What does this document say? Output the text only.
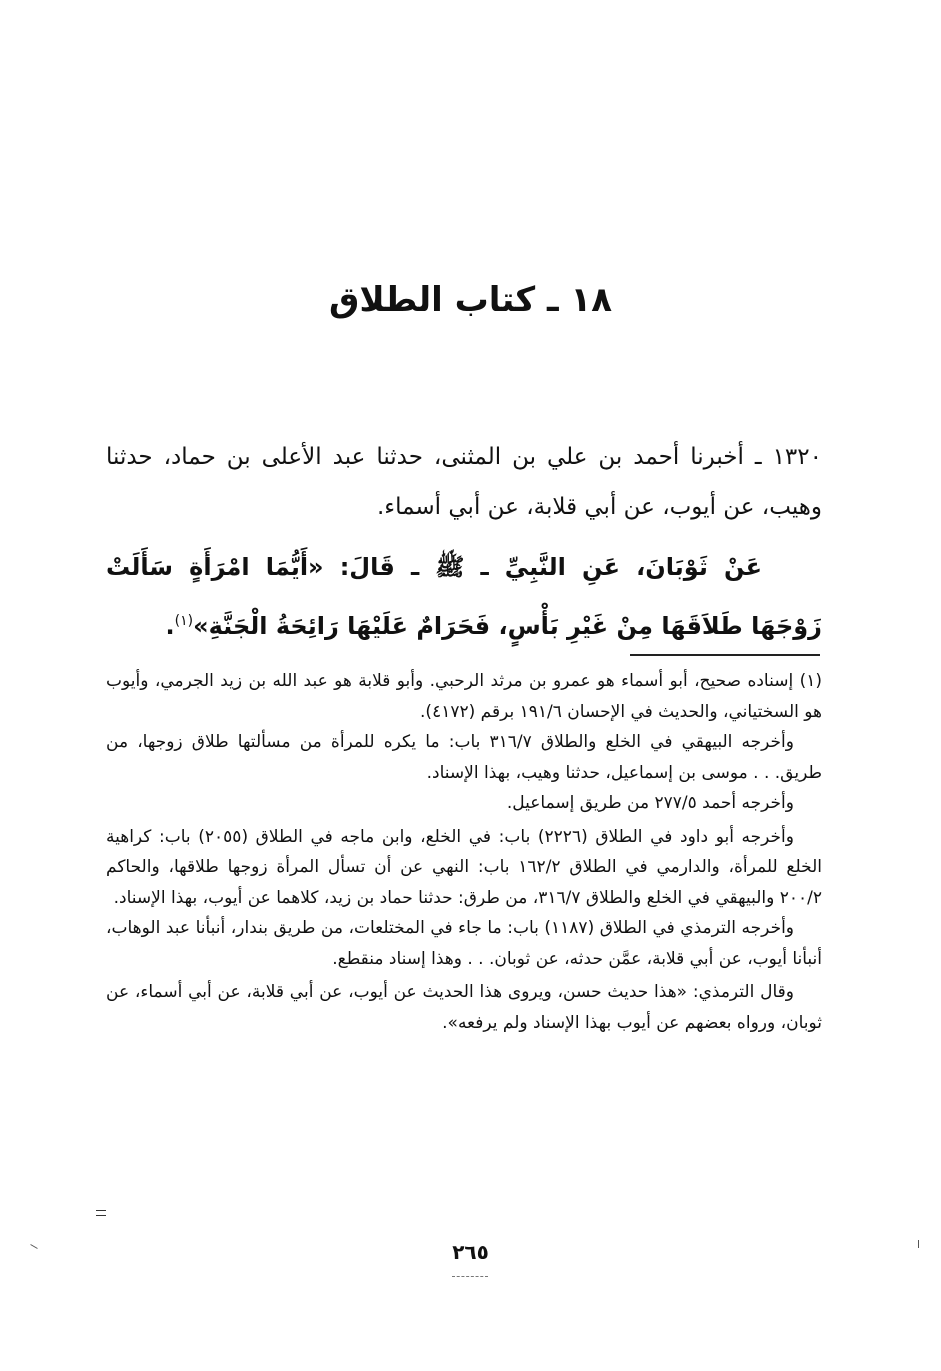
١٨ ـ كتاب الطلاق

١٣٢٠ ـ أخبرنا أحمد بن علي بن المثنى، حدثنا عبد الأعلى بن حماد، حدثنا وهيب، عن أيوب، عن أبي قلابة، عن أبي أسماء.

عَنْ ثَوْبَانَ، عَنِ النَّبِيِّ ـ ﷺ ـ قَالَ: «أَيُّمَا امْرَأَةٍ سَأَلَتْ زَوْجَهَا طَلاَقَهَا مِنْ غَيْرِ بَأْسٍ، فَحَرَامٌ عَلَيْهَا رَائِحَةُ الْجَنَّةِ»$^{(١)}$.

(١) إسناده صحيح، أبو أسماء هو عمرو بن مرثد الرحبي. وأبو قلابة هو عبد الله بن زيد الجرمي، وأيوب هو السختياني، والحديث في الإحسان ١٩١/٦ برقم (٤١٧٢).

وأخرجه البيهقي في الخلع والطلاق ٣١٦/٧ باب: ما يكره للمرأة من مسألتها طلاق زوجها، من طريق. . . موسى بن إسماعيل، حدثنا وهيب، بهذا الإسناد.

وأخرجه أحمد ٢٧٧/٥ من طريق إسماعيل.

وأخرجه أبو داود في الطلاق (٢٢٢٦) باب: في الخلع، وابن ماجه في الطلاق (٢٠٥٥) باب: كراهية الخلع للمرأة، والدارمي في الطلاق ١٦٢/٢ باب: النهي عن أن تسأل المرأة زوجها طلاقها، والحاكم ٢٠٠/٢ والبيهقي في الخلع والطلاق ٣١٦/٧، من طرق: حدثنا حماد بن زيد، كلاهما عن أيوب، بهذا الإسناد.

وأخرجه الترمذي في الطلاق (١١٨٧) باب: ما جاء في المختلعات، من طريق بندار، أنبأنا عبد الوهاب، أنبأنا أيوب، عن أبي قلابة، عمَّن حدثه، عن ثوبان. . . وهذا إسناد منقطع.

وقال الترمذي: «هذا حديث حسن، ويروى هذا الحديث عن أيوب، عن أبي قلابة، عن أبي أسماء، عن ثوبان، ورواه بعضهم عن أيوب بهذا الإسناد ولم يرفعه».

٢٦٥
